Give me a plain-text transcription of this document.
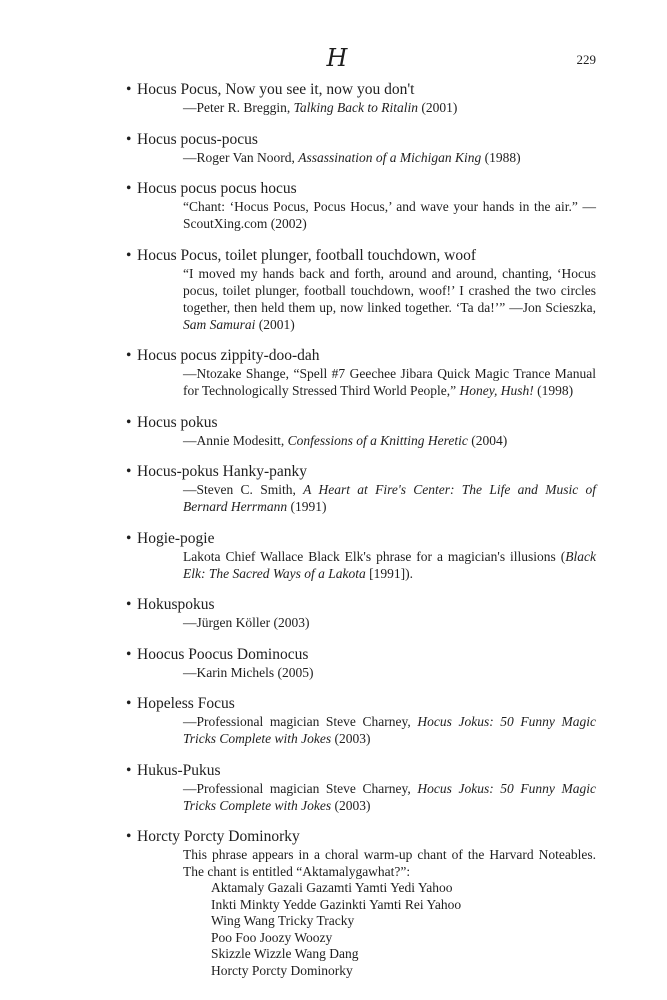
H	229
• Hocus Pocus, Now you see it, now you don't
—Peter R. Breggin, Talking Back to Ritalin (2001)
• Hocus pocus-pocus
—Roger Van Noord, Assassination of a Michigan King (1988)
• Hocus pocus pocus hocus
“Chant: ‘Hocus Pocus, Pocus Hocus,’ and wave your hands in the air.” —ScoutXing.com (2002)
• Hocus Pocus, toilet plunger, football touchdown, woof
“I moved my hands back and forth, around and around, chanting, ‘Hocus pocus, toilet plunger, football touchdown, woof!’ I crashed the two circles together, then held them up, now linked together. ‘Ta da!’” —Jon Scieszka, Sam Samurai (2001)
• Hocus pocus zippity-doo-dah
—Ntozake Shange, “Spell #7 Geechee Jibara Quick Magic Trance Manual for Technologically Stressed Third World People,” Honey, Hush! (1998)
• Hocus pokus
—Annie Modesitt, Confessions of a Knitting Heretic (2004)
• Hocus-pokus Hanky-panky
—Steven C. Smith, A Heart at Fire's Center: The Life and Music of Bernard Herrmann (1991)
• Hogie-pogie
Lakota Chief Wallace Black Elk's phrase for a magician's illusions (Black Elk: The Sacred Ways of a Lakota [1991]).
• Hokuspokus
—Jürgen Köller (2003)
• Hoocus Poocus Dominocus
—Karin Michels (2005)
• Hopeless Focus
—Professional magician Steve Charney, Hocus Jokus: 50 Funny Magic Tricks Complete with Jokes (2003)
• Hukus-Pukus
—Professional magician Steve Charney, Hocus Jokus: 50 Funny Magic Tricks Complete with Jokes (2003)
• Horcty Porcty Dominorky
This phrase appears in a choral warm-up chant of the Harvard Noteables. The chant is entitled “Aktamalygawhat?”:
Aktamaly Gazali Gazamti Yamti Yedi Yahoo
Inkti Minkty Yedde Gazinkti Yamti Rei Yahoo
Wing Wang Tricky Tracky
Poo Foo Joozy Woozy
Skizzle Wizzle Wang Dang
Horcty Porcty Dominorky
